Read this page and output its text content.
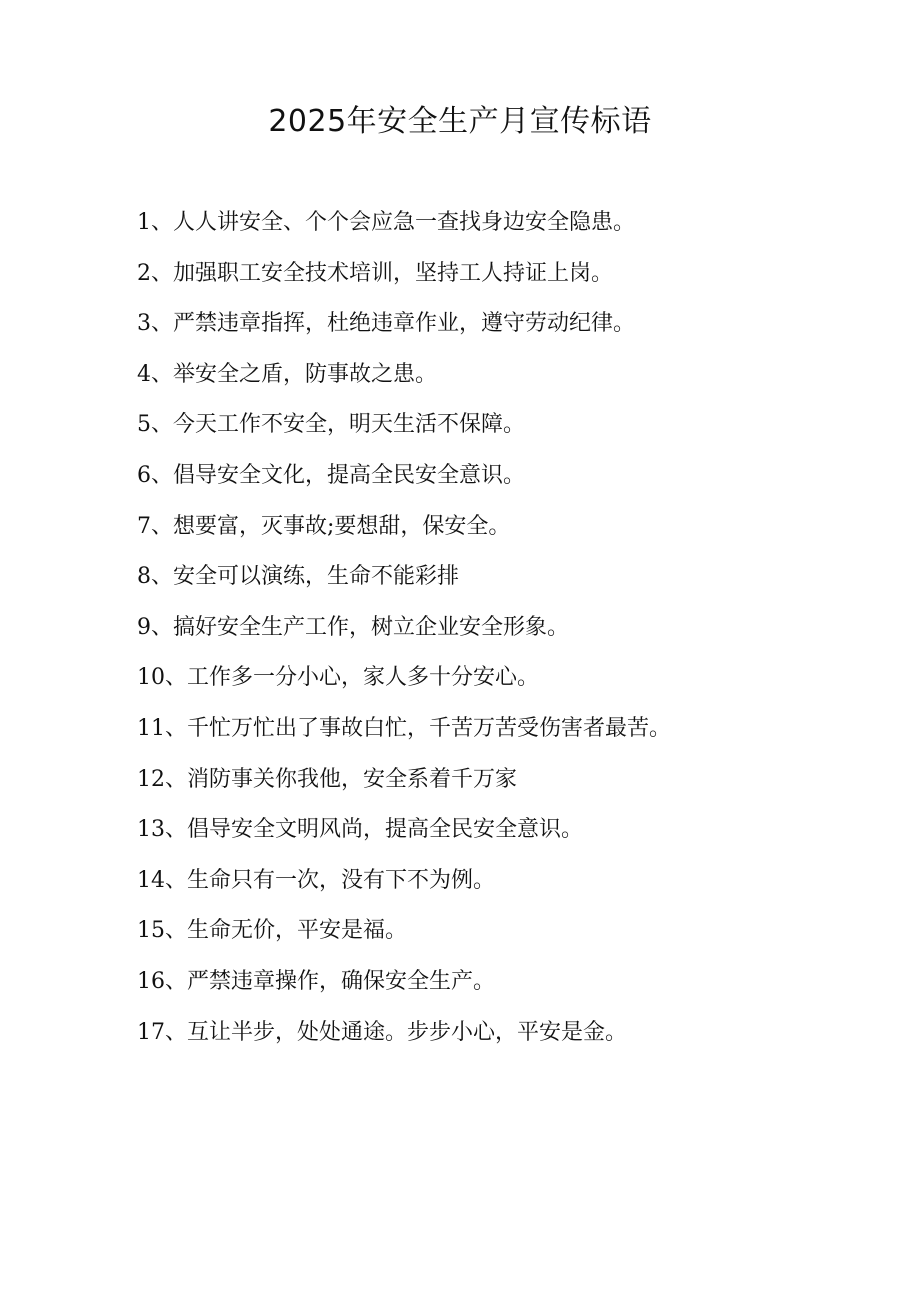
2025年安全生产月宣传标语
1、人人讲安全、个个会应急一查找身边安全隐患。
2、加强职工安全技术培训，坚持工人持证上岗。
3、严禁违章指挥，杜绝违章作业，遵守劳动纪律。
4、举安全之盾，防事故之患。
5、今天工作不安全，明天生活不保障。
6、倡导安全文化，提高全民安全意识。
7、想要富，灭事故;要想甜，保安全。
8、安全可以演练，生命不能彩排
9、搞好安全生产工作，树立企业安全形象。
10、工作多一分小心，家人多十分安心。
11、千忙万忙出了事故白忙，千苦万苦受伤害者最苦。
12、消防事关你我他，安全系着千万家
13、倡导安全文明风尚，提高全民安全意识。
14、生命只有一次，没有下不为例。
15、生命无价，平安是福。
16、严禁违章操作，确保安全生产。
17、互让半步，处处通途。步步小心，平安是金。
